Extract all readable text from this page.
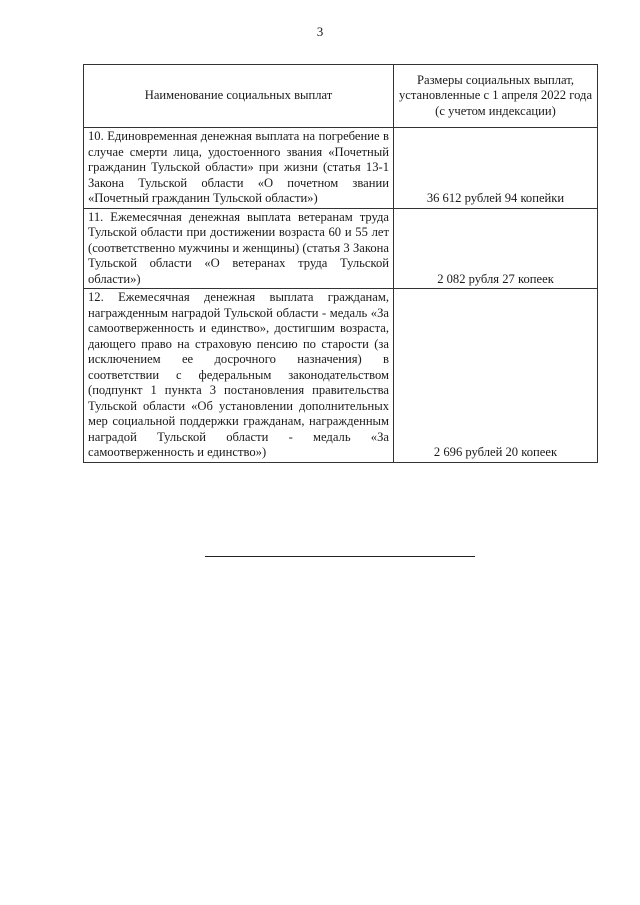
3
Наименование социальных выплат	Размеры социальных выплат, установленные с 1 апреля 2022 года (с учетом индексации)
10. Единовременная денежная выплата на погребение в случае смерти лица, удостоенного звания «Почетный гражданин Тульской области» при жизни (статья 13-1 Закона Тульской области «О почетном звании «Почетный гражданин Тульской области»)	36 612 рублей 94 копейки
11. Ежемесячная денежная выплата ветеранам труда Тульской области при достижении возраста 60 и 55 лет (соответственно мужчины и женщины) (статья 3 Закона Тульской области «О ветеранах труда Тульской области»)	2 082 рубля 27 копеек
12. Ежемесячная денежная выплата гражданам, награжденным наградой Тульской области - медаль «За самоотверженность и единство», достигшим возраста, дающего право на страховую пенсию по старости (за исключением ее досрочного назначения) в соответствии с федеральным законодательством (подпункт 1 пункта 3 постановления правительства Тульской области «Об установлении дополнительных мер социальной поддержки гражданам, награжденным наградой Тульской области - медаль «За самоотверженность и единство»)	2 696 рублей 20 копеек
